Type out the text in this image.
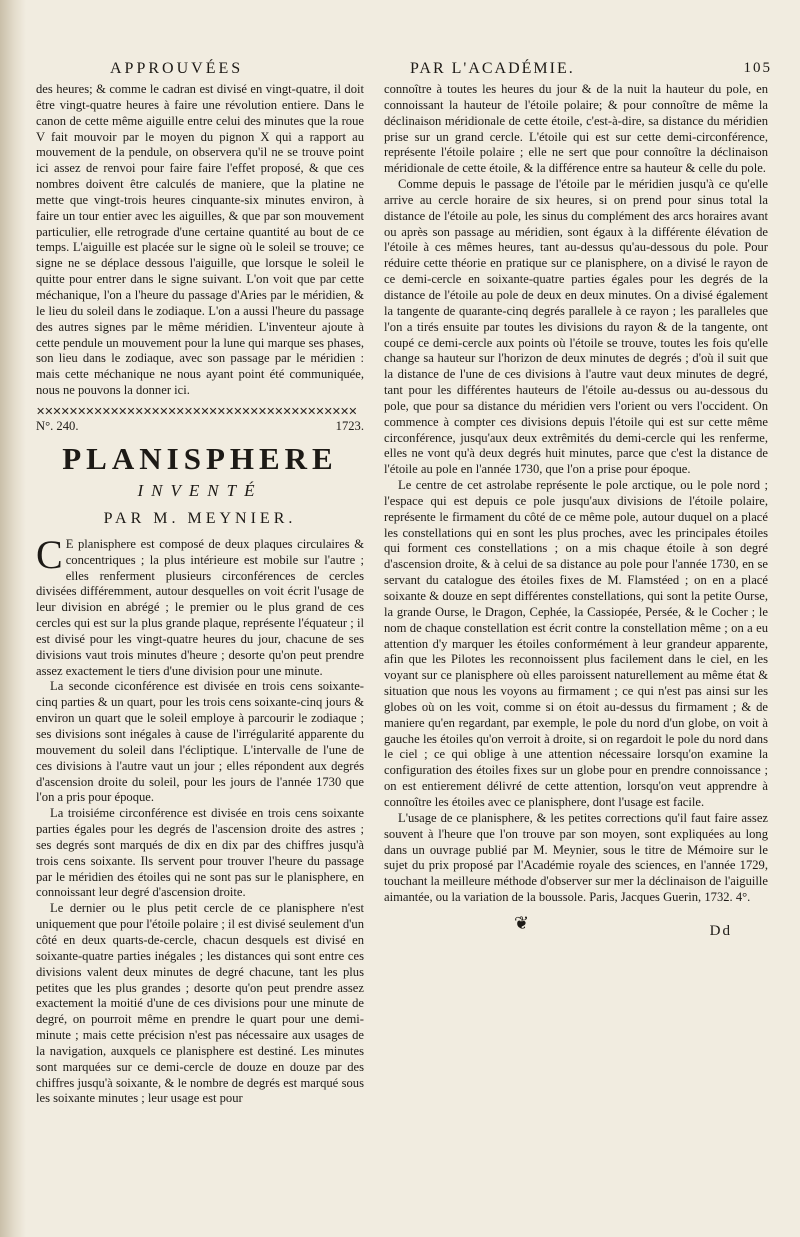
APPROUVÉES	PAR L'ACADÉMIE.	105

des heures; & comme le cadran est divisé en vingt-quatre, il doit être vingt-quatre heures à faire une révolution entiere. Dans le canon de cette même aiguille entre celui des minutes que la roue V fait mouvoir par le moyen du pignon X qui a rapport au mouvement de la pendule, on observera qu'il ne se trouve point ici assez de renvoi pour faire faire l'effet proposé, & que ces nombres doivent être calculés de maniere, que la platine ne mette que vingt-trois heures cinquante-six minutes environ, à faire un tour entier avec les aiguilles, & que par son mouvement particulier, elle retrograde d'une certaine quantité au bout de ce temps. L'aiguille est placée sur le signe où le soleil se trouve; ce signe ne se déplace dessous l'aiguille, que lorsque le soleil le quitte pour entrer dans le signe suivant. L'on voit que par cette méchanique, l'on a l'heure du passage d'Aries par le méridien, & le lieu du soleil dans le zodiaque. L'on a aussi l'heure du passage des autres signes par le même méridien. L'inventeur ajoute à cette pendule un mouvement pour la lune qui marque ses phases, son lieu dans le zodiaque, avec son passage par le méridien : mais cette méchanique ne nous ayant point été communiquée, nous ne pouvons la donner ici.

✕✕✕✕✕✕✕✕✕✕✕✕✕✕✕✕✕✕✕✕✕✕✕✕✕✕✕✕✕✕✕✕✕✕✕✕✕✕✕
N°. 240.	1723.
PLANISPHERE
INVENTÉ
PAR M. MEYNIER.

C E planisphere est composé de deux plaques circulaires & concentriques ; la plus intérieure est mobile sur l'autre ; elles renferment plusieurs circonférences de cercles divisées différemment, autour desquelles on voit écrit l'usage de leur division en abrégé ; le premier ou le plus grand de ces cercles qui est sur la plus grande plaque, représente l'équateur ; il est divisé pour les vingt-quatre heures du jour, chacune de ses divisions vaut trois minutes d'heure ; desorte qu'on peut prendre assez exactement le tiers d'une division pour une minute.

La seconde ciconférence est divisée en trois cens soixante-cinq parties & un quart, pour les trois cens soixante-cinq jours & environ un quart que le soleil employe à parcourir le zodiaque ; ses divisions sont inégales à cause de l'irrégularité apparente du mouvement du soleil dans l'écliptique. L'intervalle de l'une de ces divisions à l'autre vaut un jour ; elles répondent aux degrés d'ascension droite du soleil, pour les jours de l'année 1730 que l'on a pris pour époque.

La troisiéme circonférence est divisée en trois cens soixante parties égales pour les degrés de l'ascension droite des astres ; ses degrés sont marqués de dix en dix par des chiffres jusqu'à trois cens soixante. Ils servent pour trouver l'heure du passage par le méridien des étoiles qui ne sont pas sur le planisphere, en connoissant leur degré d'ascension droite.

Le dernier ou le plus petit cercle de ce planisphere n'est uniquement que pour l'étoile polaire ; il est divisé seulement d'un côté en deux quarts-de-cercle, chacun desquels est divisé en soixante-quatre parties inégales ; les distances qui sont entre ces divisions valent deux minutes de degré chacune, tant les plus petites que les plus grandes ; desorte qu'on peut prendre assez exactement la moitié d'une de ces divisions pour une minute de degré, on pourroit même en prendre le quart pour une demi-minute ; mais cette précision n'est pas nécessaire aux usages de la navigation, auxquels ce planisphere est destiné. Les minutes sont marquées sur ce demi-cercle de douze en douze par des chiffres jusqu'à soixante, & le nombre de degrés est marqué sous les soixante minutes ; leur usage est pour

connoître à toutes les heures du jour & de la nuit la hauteur du pole, en connoissant la hauteur de l'étoile polaire; & pour connoître de même la déclinaison méridionale de cette étoile, c'est-à-dire, sa distance du méridien prise sur un grand cercle. L'étoile qui est sur cette demi-circonférence, représente l'étoile polaire ; elle ne sert que pour connoître la déclinaison méridionale de cette étoile, & la différence entre sa hauteur & celle du pole.

Comme depuis le passage de l'étoile par le méridien jusqu'à ce qu'elle arrive au cercle horaire de six heures, si on prend pour sinus total la distance de l'étoile au pole, les sinus du complément des arcs horaires avant ou après son passage au méridien, sont égaux à la différente élévation de l'étoile à ces mêmes heures, tant au-dessus qu'au-dessous du pole. Pour réduire cette théorie en pratique sur ce planisphere, on a divisé le rayon de ce demi-cercle en soixante-quatre parties égales pour les degrés de la distance de l'étoile au pole de deux en deux minutes. On a divisé également la tangente de quarante-cinq degrés parallele à ce rayon ; les paralleles que l'on a tirés ensuite par toutes les divisions du rayon & de la tangente, ont coupé ce demi-cercle aux points où l'étoile se trouve, toutes les fois qu'elle change sa hauteur sur l'horizon de deux minutes de degrés ; d'où il suit que la distance de l'une de ces divisions à l'autre vaut deux minutes de degré, tant pour les différentes hauteurs de l'étoile au-dessus ou au-dessous du pole, que pour sa distance du méridien vers l'orient ou vers l'occident. On commence à compter ces divisions depuis l'étoile qui est sur cette même circonférence, jusqu'aux deux extrêmités du demi-cercle qui les renferme, elles ne vont qu'à deux degrés huit minutes, parce que c'est la distance de l'étoile au pole en l'année 1730, que l'on a prise pour époque.

Le centre de cet astrolabe représente le pole arctique, ou le pole nord ; l'espace qui est depuis ce pole jusqu'aux divisions de l'étoile polaire, représente le firmament du côté de ce même pole, autour duquel on a placé les constellations qui en sont les plus proches, avec les principales étoiles qui forment ces constellations ; on a mis chaque étoile à son degré d'ascension droite, & à celui de sa distance au pole pour l'année 1730, en se servant du catalogue des étoiles fixes de M. Flamstéed ; on en a placé soixante & douze en sept différentes constellations, qui sont la petite Ourse, la grande Ourse, le Dragon, Cephée, la Cassiopée, Persée, & le Cocher ; le nom de chaque constellation est écrit contre la constellation même ; on a eu attention d'y marquer les étoiles conformément à leur grandeur apparente, afin que les Pilotes les reconnoissent plus facilement dans le ciel, en les voyant sur ce planisphere où elles paroissent naturellement au même état & situation que nous les voyons au firmament ; ce qui n'est pas ainsi sur les globes où on les voit, comme si on étoit au-dessus du firmament ; & de maniere qu'en regardant, par exemple, le pole du nord d'un globe, on voit à gauche les étoiles qu'on verroit à droite, si on regardoit le pole du nord dans le ciel ; ce qui oblige à une attention nécessaire lorsqu'on examine la configuration des étoiles fixes sur un globe pour en prendre connoissance ; on est entierement délivré de cette attention, lorsqu'on veut apprendre à connoître les étoiles avec ce planisphere, dont l'usage est facile.

L'usage de ce planisphere, & les petites corrections qu'il faut faire assez souvent à l'heure que l'on trouve par son moyen, sont expliquées au long dans un ouvrage publié par M. Meynier, sous le titre de Mémoire sur le sujet du prix proposé par l'Académie royale des sciences, en l'année 1729, touchant la meilleure méthode d'observer sur mer la déclinaison de l'aiguille aimantée, ou la variation de la boussole. Paris, Jacques Guerin, 1732. 4°.

❦	Dd
